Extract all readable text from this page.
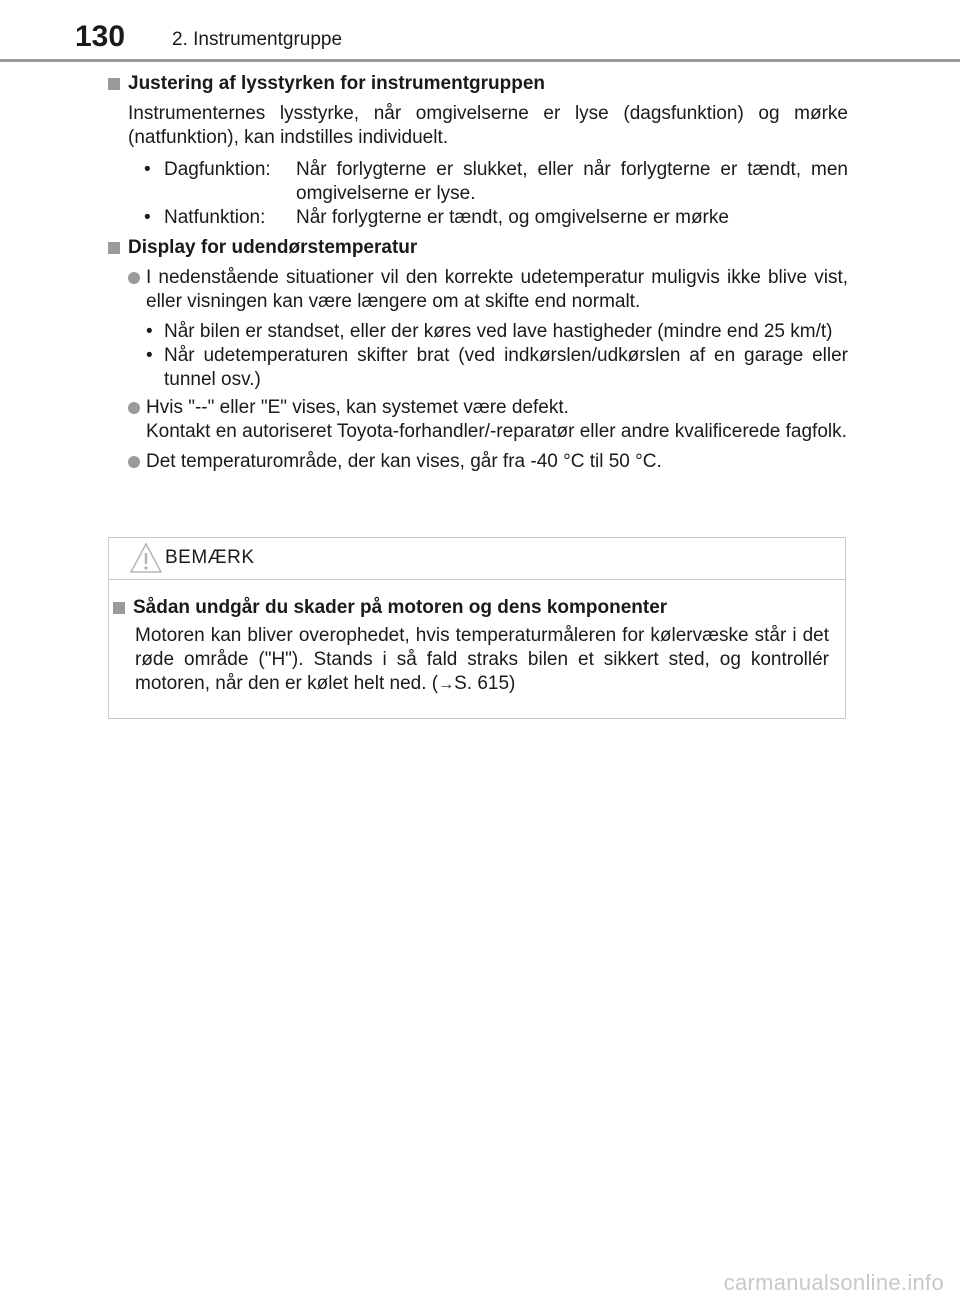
130 2. Instrumentgruppe
Justering af lysstyrken for instrumentgruppen
Instrumenternes lysstyrke, når omgivelserne er lyse (dagsfunktion) og mørke (natfunktion), kan indstilles individuelt.
• Dagfunktion:	Når forlygterne er slukket, eller når forlygterne er tændt, men omgivelserne er lyse.
• Natfunktion:	Når forlygterne er tændt, og omgivelserne er mørke
Display for udendørstemperatur
I nedenstående situationer vil den korrekte udetemperatur muligvis ikke blive vist, eller visningen kan være længere om at skifte end normalt.
• Når bilen er standset, eller der køres ved lave hastigheder (mindre end 25 km/t)
• Når udetemperaturen skifter brat (ved indkørslen/udkørslen af en garage eller tunnel osv.)
Hvis "--" eller "E" vises, kan systemet være defekt.
Kontakt en autoriseret Toyota-forhandler/-reparatør eller andre kvalificerede fagfolk.
Det temperaturområde, der kan vises, går fra -40 °C til 50 °C.
BEMÆRK
Sådan undgår du skader på motoren og dens komponenter
Motoren kan bliver overophedet, hvis temperaturmåleren for kølervæske står i det røde område ("H"). Stands i så fald straks bilen et sikkert sted, og kontrollér motoren, når den er kølet helt ned. (→S. 615)
carmanualsonline.info
